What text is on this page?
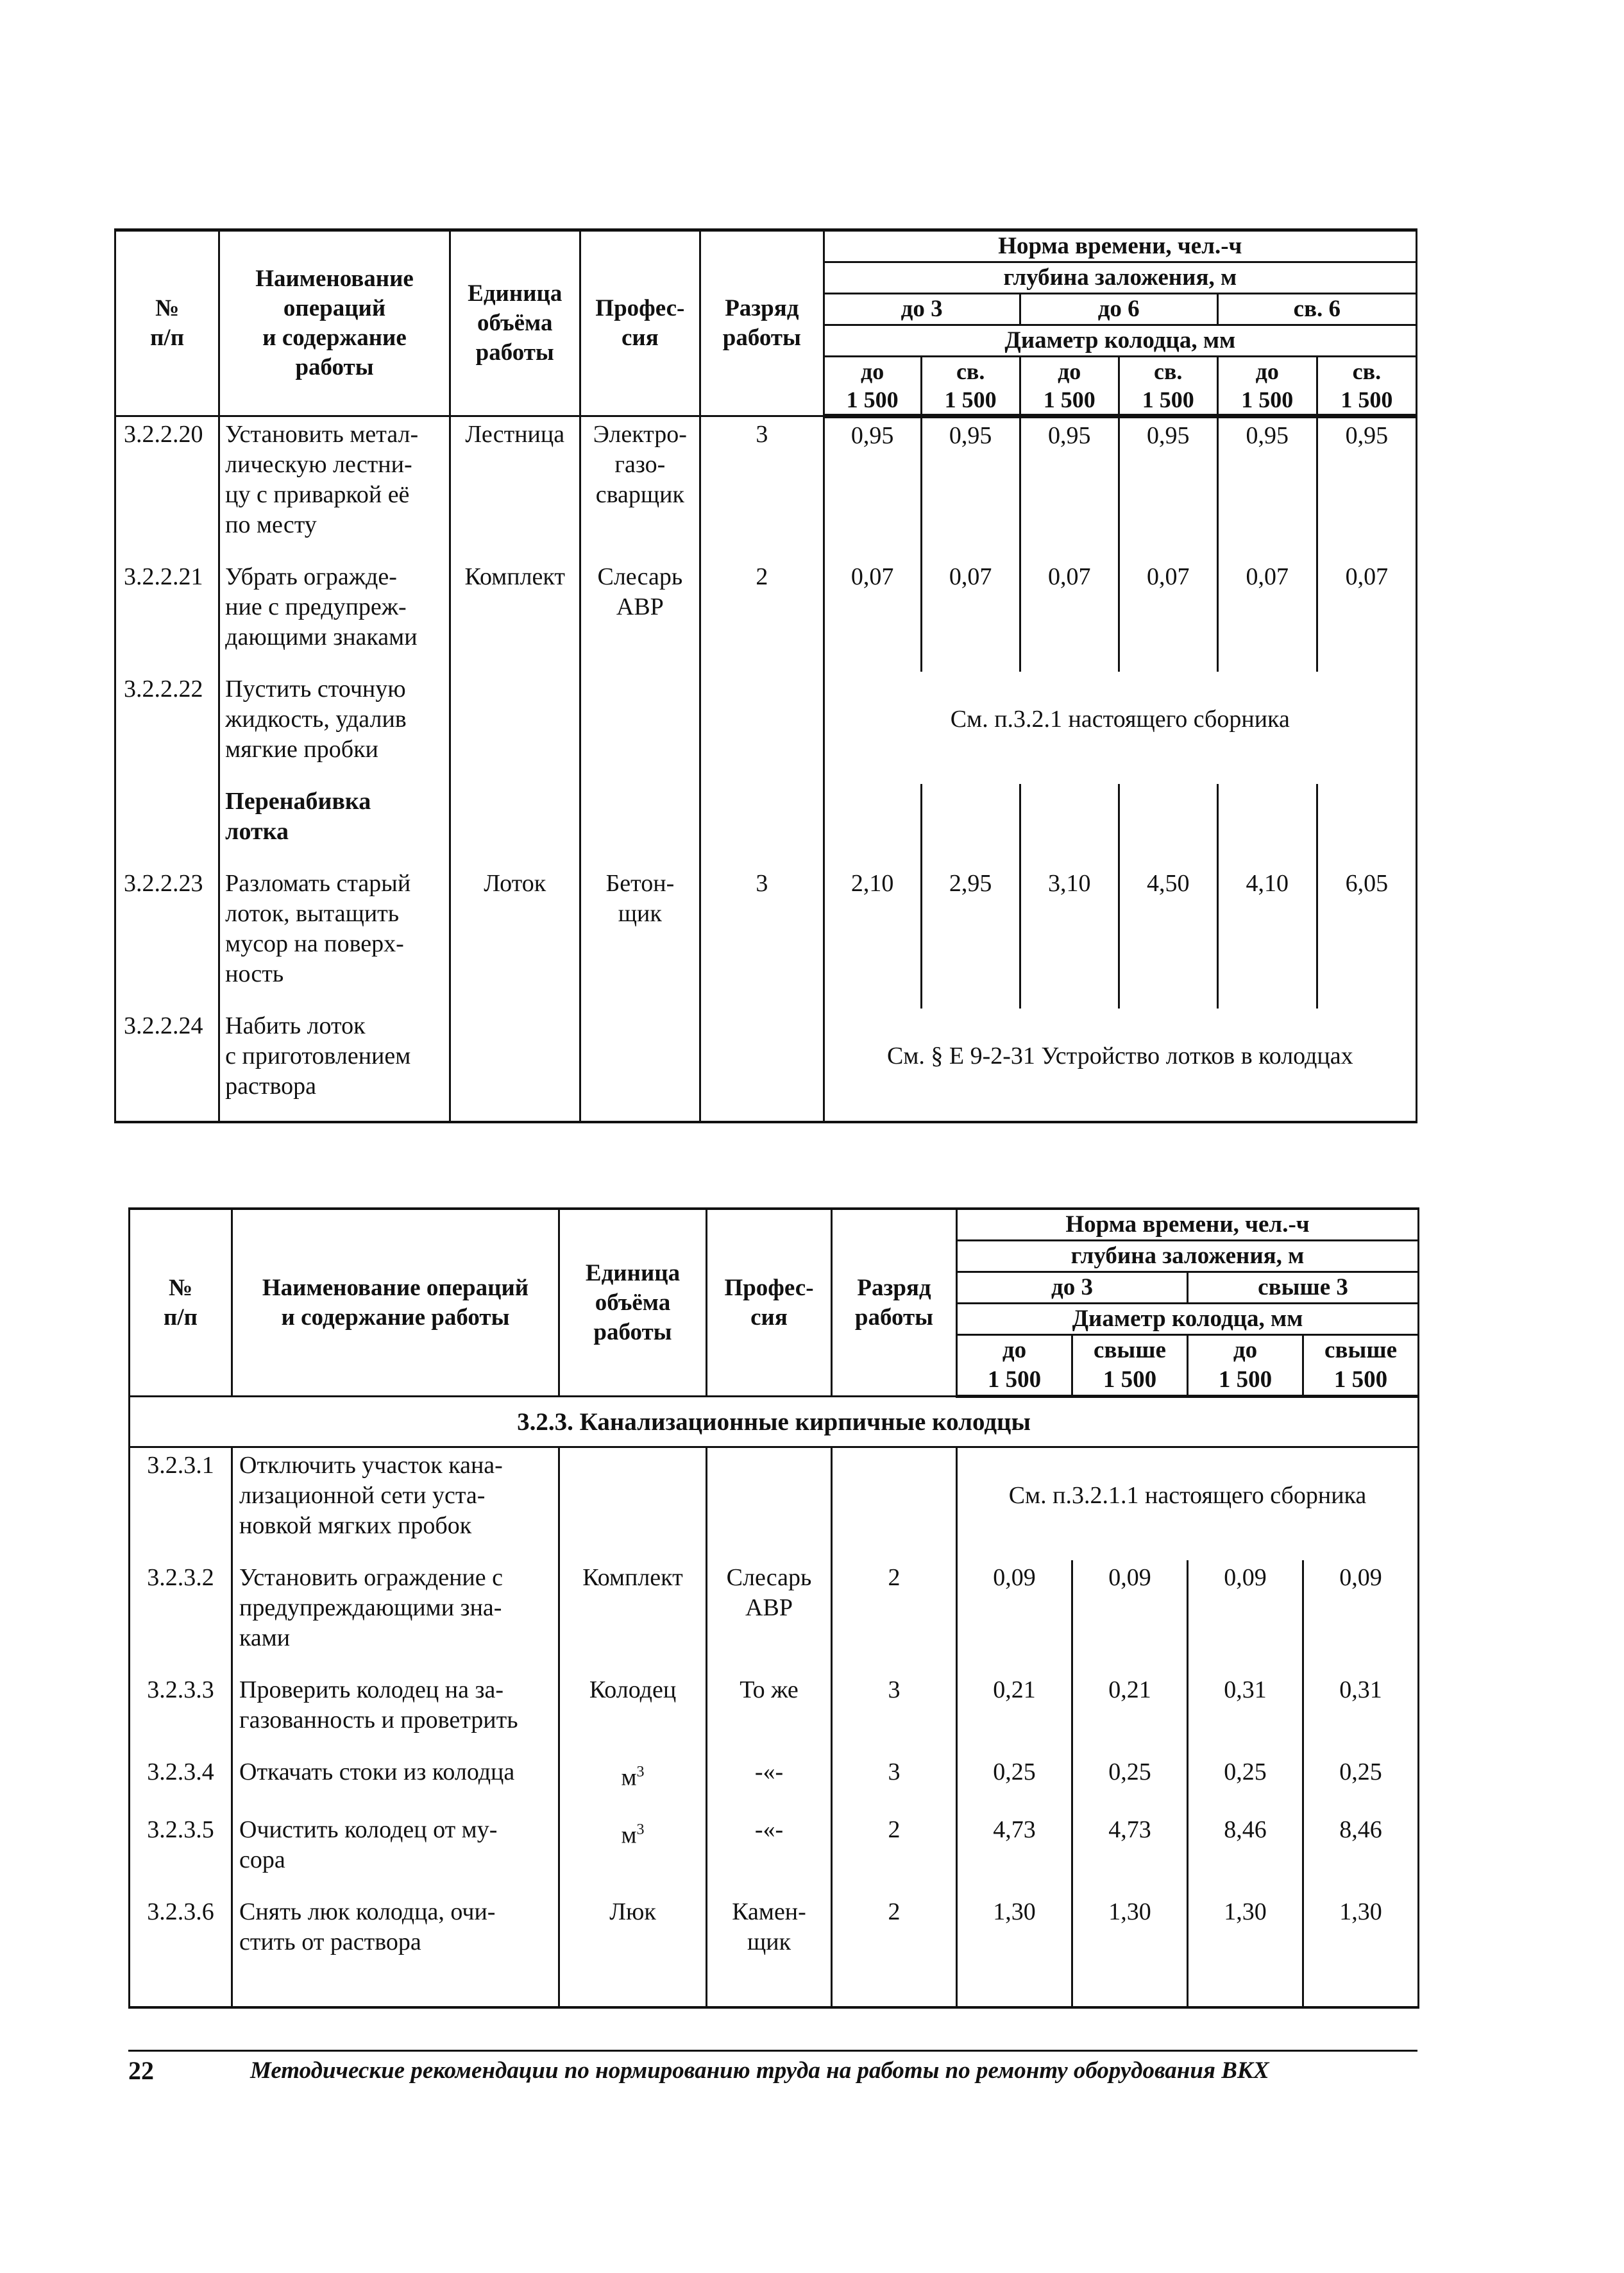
№
п/п	Наименование
операций
и содержание
работы	Единица
объёма
работы	Профес-
сия	Разряд
работы	Норма времени, чел.-ч					
					глубина заложения, м					
					до 3		до 6		св. 6	
					Диаметр колодца, мм					
					до
1 500	св.
1 500	до
1 500	св.
1 500	до
1 500	св.
1 500
3.2.2.20	Установить метал-
лическую лестни-
цу с приваркой её
по месту	Лестница	Электро-
газо-
сварщик	3	0,95	0,95	0,95	0,95	0,95	0,95
3.2.2.21	Убрать огражде-
ние с предупреж-
дающими знаками	Комплект	Слесарь
АВР	2	0,07	0,07	0,07	0,07	0,07	0,07
3.2.2.22	Пустить сточную
жидкость, удалив
мягкие пробки				См. п.3.2.1 настоящего сборника					
	Перенабивка
лотка									
3.2.2.23	Разломать старый
лоток, вытащить
мусор на поверх-
ность	Лоток	Бетон-
щик	3	2,10	2,95	3,10	4,50	4,10	6,05
3.2.2.24	Набить лоток
с приготовлением
раствора				См. § Е 9-2-31 Устройство лотков в колодцах					
№
п/п	Наименование операций
и содержание работы	Единица
объёма
работы	Профес-
сия	Разряд
работы	Норма времени, чел.-ч			
					глубина заложения, м			
					до 3		свыше 3	
					Диаметр колодца, мм			
					до
1 500	свыше
1 500	до
1 500	свыше
1 500
3.2.3. Канализационные кирпичные колодцы								
3.2.3.1	Отключить участок кана-
лизационной сети уста-
новкой мягких пробок				См. п.3.2.1.1 настоящего сборника			
3.2.3.2	Установить ограждение с
предупреждающими зна-
ками	Комплект	Слесарь
АВР	2	0,09	0,09	0,09	0,09
3.2.3.3	Проверить колодец на за-
газованность и проветрить	Колодец	То же	3	0,21	0,21	0,31	0,31
3.2.3.4	Откачать стоки из колодца	$м^3$	-«-	3	0,25	0,25	0,25	0,25
3.2.3.5	Очистить колодец от му-
сора	$м^3$	-«-	2	4,73	4,73	8,46	8,46
3.2.3.6	Снять люк колодца, очи-
стить от раствора	Люк	Камен-
щик	2	1,30	1,30	1,30	1,30
22	Методические рекомендации по нормированию труда на работы по ремонту оборудования ВКХ
